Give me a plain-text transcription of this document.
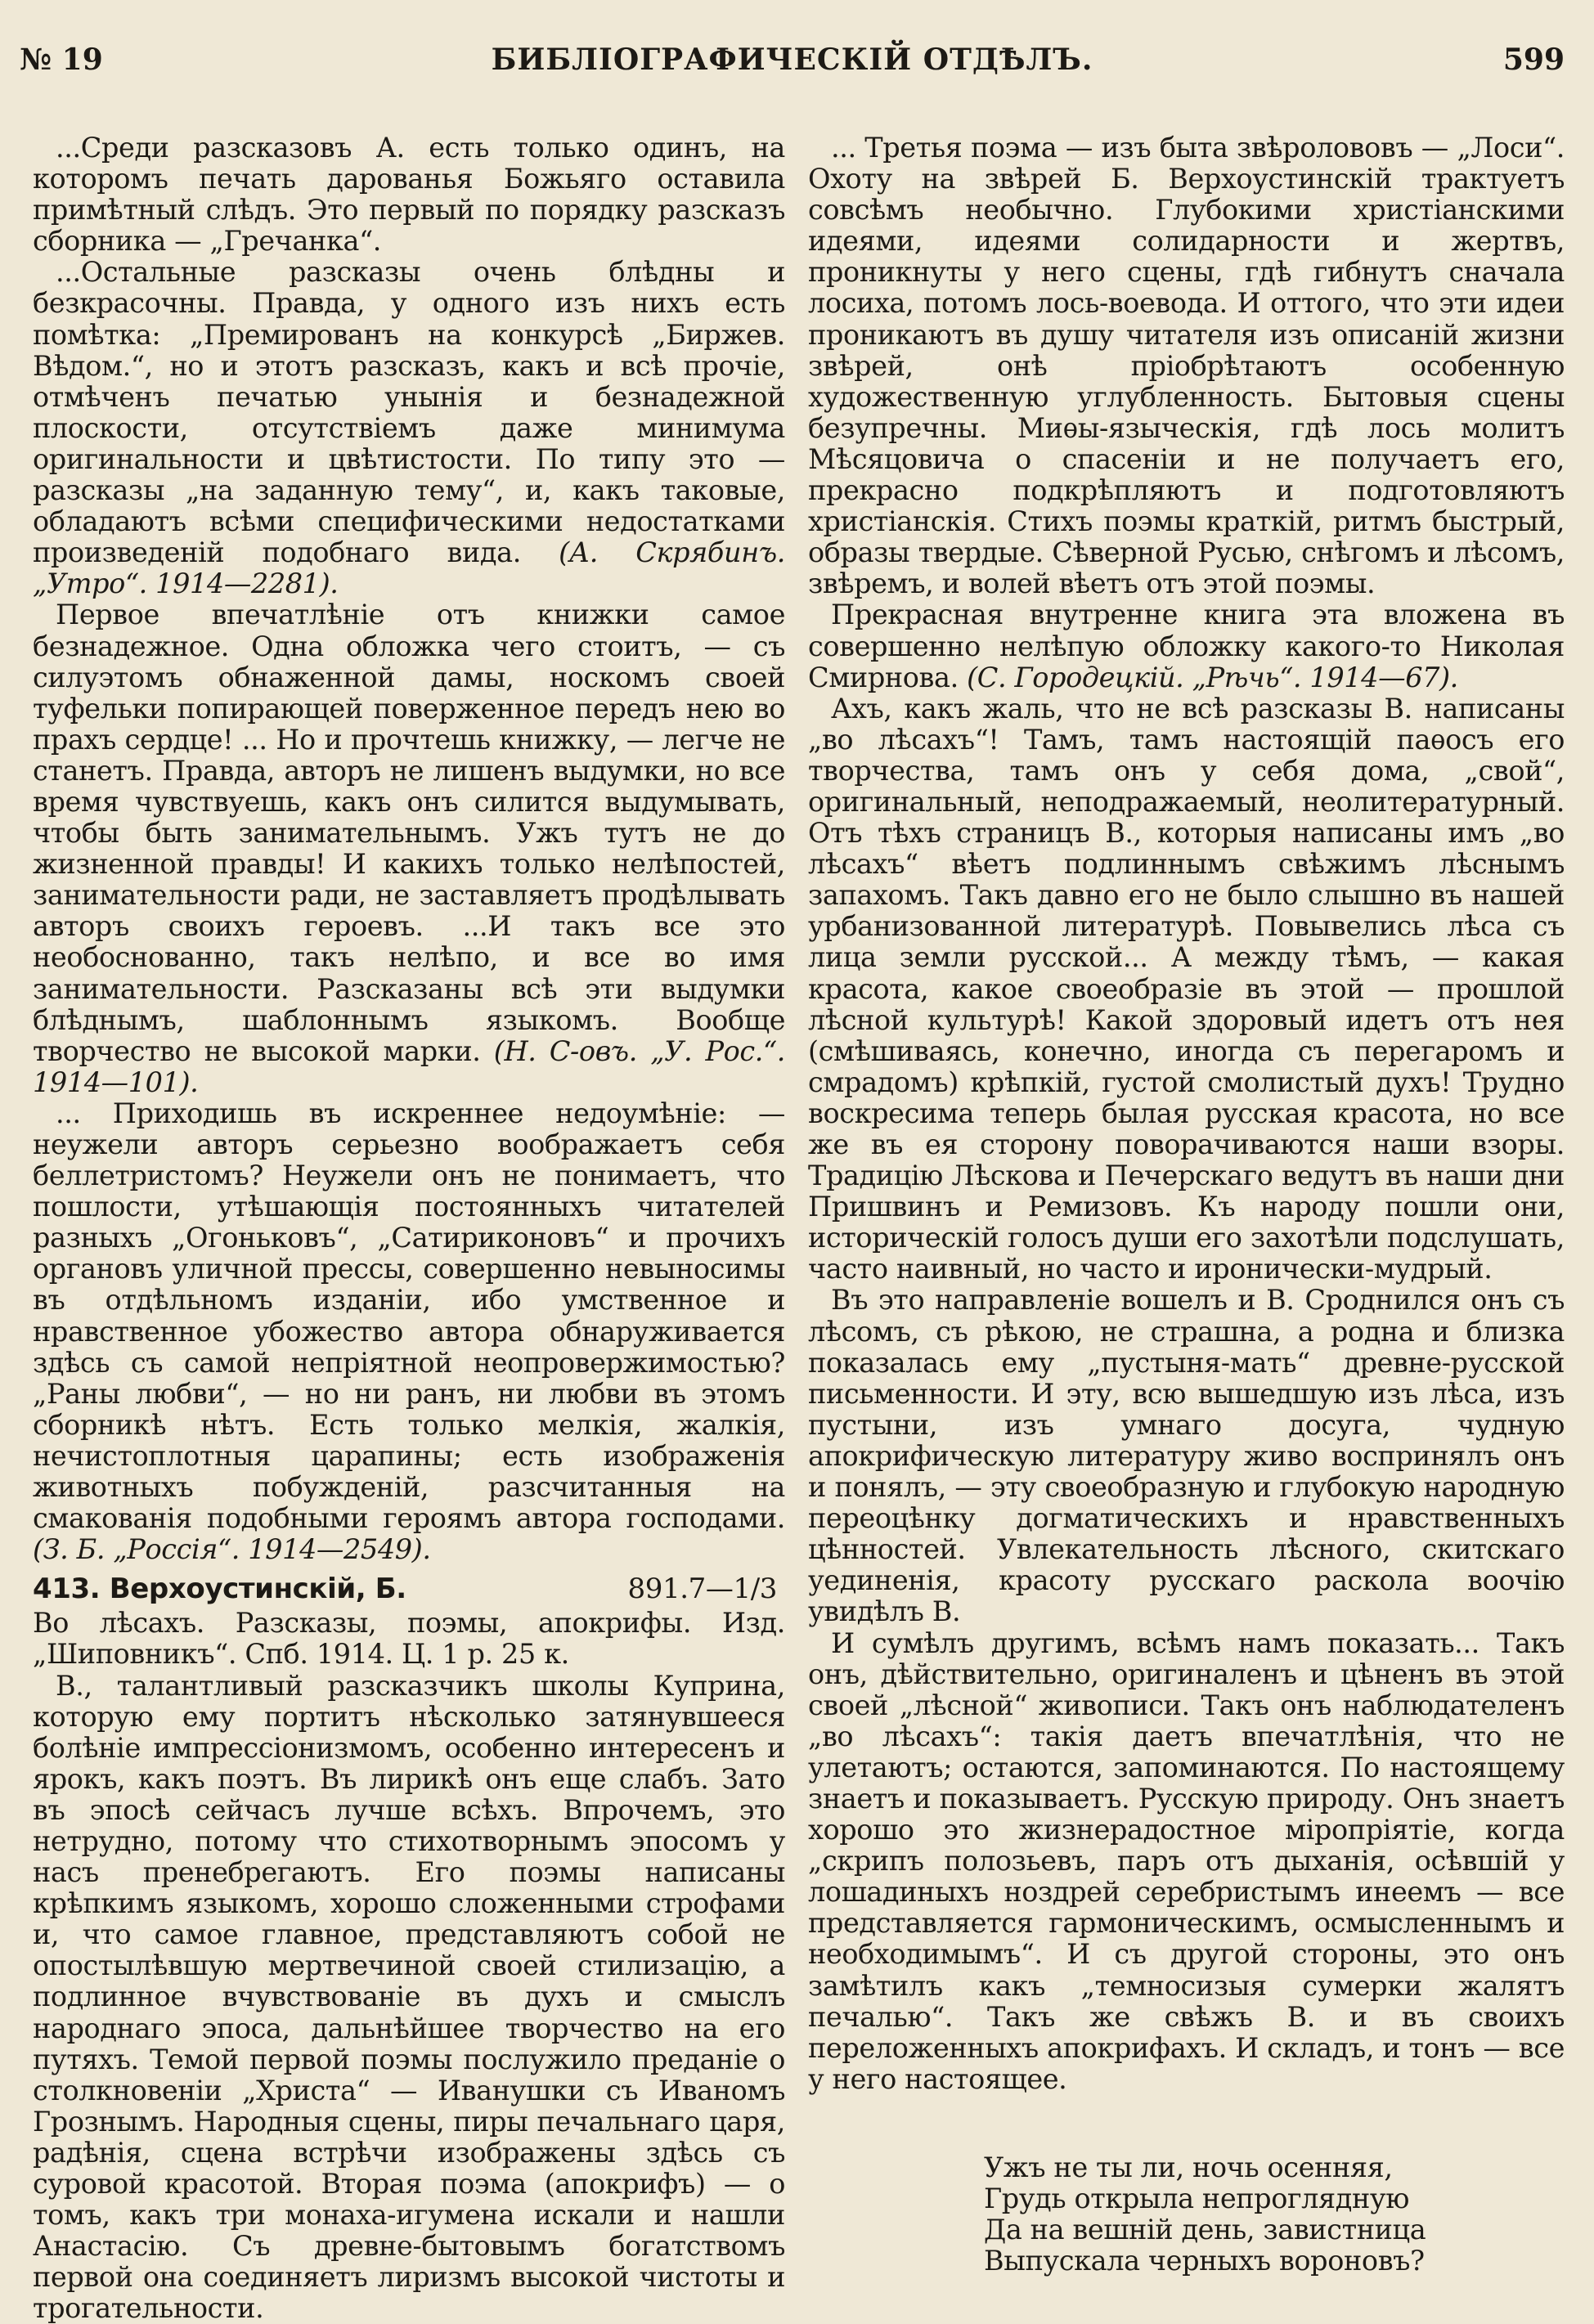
№ 19	БИБЛІОГРАФИЧЕСКІЙ ОТДѢЛЪ.	599

...Среди разсказовъ А. есть только одинъ, на которомъ печать дарованья Божьяго оставила примѣтный слѣдъ. Это первый по порядку разсказъ сборника — „Гречанка“.

...Остальные разсказы очень блѣдны и безкрасочны. Правда, у одного изъ нихъ есть помѣтка: „Премированъ на конкурсѣ „Биржев. Вѣдом.“, но и этотъ разсказъ, какъ и всѣ прочіе, отмѣченъ печатью унынія и безнадежной плоскости, отсутствіемъ даже минимума оригинальности и цвѣтистости. По типу это — разсказы „на заданную тему“, и, какъ таковые, обладаютъ всѣми специфическими недостатками произведеній подобнаго вида. (А. Скрябинъ. „Утро“. 1914—2281).

Первое впечатлѣніе отъ книжки самое безнадежное. Одна обложка чего стоитъ, — съ силуэтомъ обнаженной дамы, носкомъ своей туфельки попирающей поверженное передъ нею во прахъ сердце! ... Но и прочтешь книжку, — легче не станетъ. Правда, авторъ не лишенъ выдумки, но все время чувствуешь, какъ онъ силится выдумывать, чтобы быть занимательнымъ. Ужъ тутъ не до жизненной правды! И какихъ только нелѣпостей, занимательности ради, не заставляетъ продѣлывать авторъ своихъ героевъ. ...И такъ все это необоснованно, такъ нелѣпо, и все во имя занимательности. Разсказаны всѣ эти выдумки блѣднымъ, шаблоннымъ языкомъ. Вообще творчество не высокой марки. (Н. С-овъ. „У. Рос.“. 1914—101).

... Приходишь въ искреннее недоумѣніе: — неужели авторъ серьезно воображаетъ себя беллетристомъ? Неужели онъ не понимаетъ, что пошлости, утѣшающія постоянныхъ читателей разныхъ „Огоньковъ“, „Сатириконовъ“ и прочихъ органовъ уличной прессы, совершенно невыносимы въ отдѣльномъ изданіи, ибо умственное и нравственное убожество автора обнаруживается здѣсь съ самой непріятной неопровержимостью? „Раны любви“, — но ни ранъ, ни любви въ этомъ сборникѣ нѣтъ. Есть только мелкія, жалкія, нечистоплотныя царапины; есть изображенія животныхъ побужденій, разсчитанныя на смакованія подобными героямъ автора господами. (З. Б. „Россія“. 1914—2549).

413. Верхоустинскій, Б.	891.7—1/3

Во лѣсахъ. Разсказы, поэмы, апокрифы. Изд. „Шиповникъ“. Спб. 1914. Ц. 1 р. 25 к.

В., талантливый разсказчикъ школы Куприна, которую ему портитъ нѣсколько затянувшееся болѣніе импрессіонизмомъ, особенно интересенъ и ярокъ, какъ поэтъ. Въ лирикѣ онъ еще слабъ. Зато въ эпосѣ сейчасъ лучше всѣхъ. Впрочемъ, это нетрудно, потому что стихотворнымъ эпосомъ у насъ пренебрегаютъ. Его поэмы написаны крѣпкимъ языкомъ, хорошо сложенными строфами и, что самое главное, представляютъ собой не опостылѣвшую мертвечиной своей стилизацію, а подлинное вчувствованіе въ духъ и смыслъ народнаго эпоса, дальнѣйшее творчество на его путяхъ. Темой первой поэмы послужило преданіе о столкновеніи „Христа“ — Иванушки съ Иваномъ Грознымъ. Народныя сцены, пиры печальнаго царя, радѣнія, сцена встрѣчи изображены здѣсь съ суровой красотой. Вторая поэма (апокрифъ) — о томъ, какъ три монаха-игумена искали и нашли Анастасію. Съ древне-бытовымъ богатствомъ первой она соединяетъ лиризмъ высокой чистоты и трогательности.

... Третья поэма — изъ быта звѣролововъ — „Лоси“. Охоту на звѣрей Б. Верхоустинскій трактуетъ совсѣмъ необычно. Глубокими христіанскими идеями, идеями солидарности и жертвъ, проникнуты у него сцены, гдѣ гибнутъ сначала лосиха, потомъ лось-воевода. И оттого, что эти идеи проникаютъ въ душу читателя изъ описаній жизни звѣрей, онѣ пріобрѣтаютъ особенную художественную углубленность. Бытовыя сцены безупречны. Миѳы-языческія, гдѣ лось молитъ Мѣсяцовича о спасеніи и не получаетъ его, прекрасно подкрѣпляютъ и подготовляютъ христіанскія. Стихъ поэмы краткій, ритмъ быстрый, образы твердые. Сѣверной Русью, снѣгомъ и лѣсомъ, звѣремъ, и волей вѣетъ отъ этой поэмы.

Прекрасная внутренне книга эта вложена въ совершенно нелѣпую обложку какого-то Николая Смирнова. (С. Городецкій. „Рѣчь“. 1914—67).

Ахъ, какъ жаль, что не всѣ разсказы В. написаны „во лѣсахъ“! Тамъ, тамъ настоящій паѳосъ его творчества, тамъ онъ у себя дома, „свой“, оригинальный, неподражаемый, неолитературный. Отъ тѣхъ страницъ В., которыя написаны имъ „во лѣсахъ“ вѣетъ подлиннымъ свѣжимъ лѣснымъ запахомъ. Такъ давно его не было слышно въ нашей урбанизованной литературѣ. Повывелись лѣса съ лица земли русской... А между тѣмъ, — какая красота, какое своеобразіе въ этой — прошлой лѣсной культурѣ! Какой здоровый идетъ отъ нея (смѣшиваясь, конечно, иногда съ перегаромъ и смрадомъ) крѣпкій, густой смолистый духъ! Трудно воскресима теперь былая русская красота, но все же въ ея сторону поворачиваются наши взоры. Традицію Лѣскова и Печерскаго ведутъ въ наши дни Пришвинъ и Ремизовъ. Къ народу пошли они, историческій голосъ души его захотѣли подслушать, часто наивный, но часто и иронически-мудрый.

Въ это направленіе вошелъ и В. Сроднился онъ съ лѣсомъ, съ рѣкою, не страшна, а родна и близка показалась ему „пустыня-мать“ древне-русской письменности. И эту, всю вышедшую изъ лѣса, изъ пустыни, изъ умнаго досуга, чудную апокрифическую литературу живо воспринялъ онъ и понялъ, — эту своеобразную и глубокую народную переоцѣнку догматическихъ и нравственныхъ цѣнностей. Увлекательность лѣсного, скитскаго уединенія, красоту русскаго раскола воочію увидѣлъ В.

И сумѣлъ другимъ, всѣмъ намъ показать... Такъ онъ, дѣйствительно, оригиналенъ и цѣненъ въ этой своей „лѣсной“ живописи. Такъ онъ наблюдателенъ „во лѣсахъ“: такія даетъ впечатлѣнія, что не улетаютъ; остаются, запоминаются. По настоящему знаетъ и показываетъ. Русскую природу. Онъ знаетъ хорошо это жизнерадостное міропріятіе, когда „скрипъ полозьевъ, паръ отъ дыханія, осѣвшій у лошадиныхъ ноздрей серебристымъ инеемъ — все представляется гармоническимъ, осмысленнымъ и необходимымъ“. И съ другой стороны, это онъ замѣтилъ какъ „темносизыя сумерки жалятъ печалью“. Такъ же свѣжъ В. и въ своихъ переложенныхъ апокрифахъ. И складъ, и тонъ — все у него настоящее.

Ужъ не ты ли, ночь осенняя,
Грудь открыла непроглядную
Да на вешній день, завистница
Выпускала черныхъ вороновъ?
